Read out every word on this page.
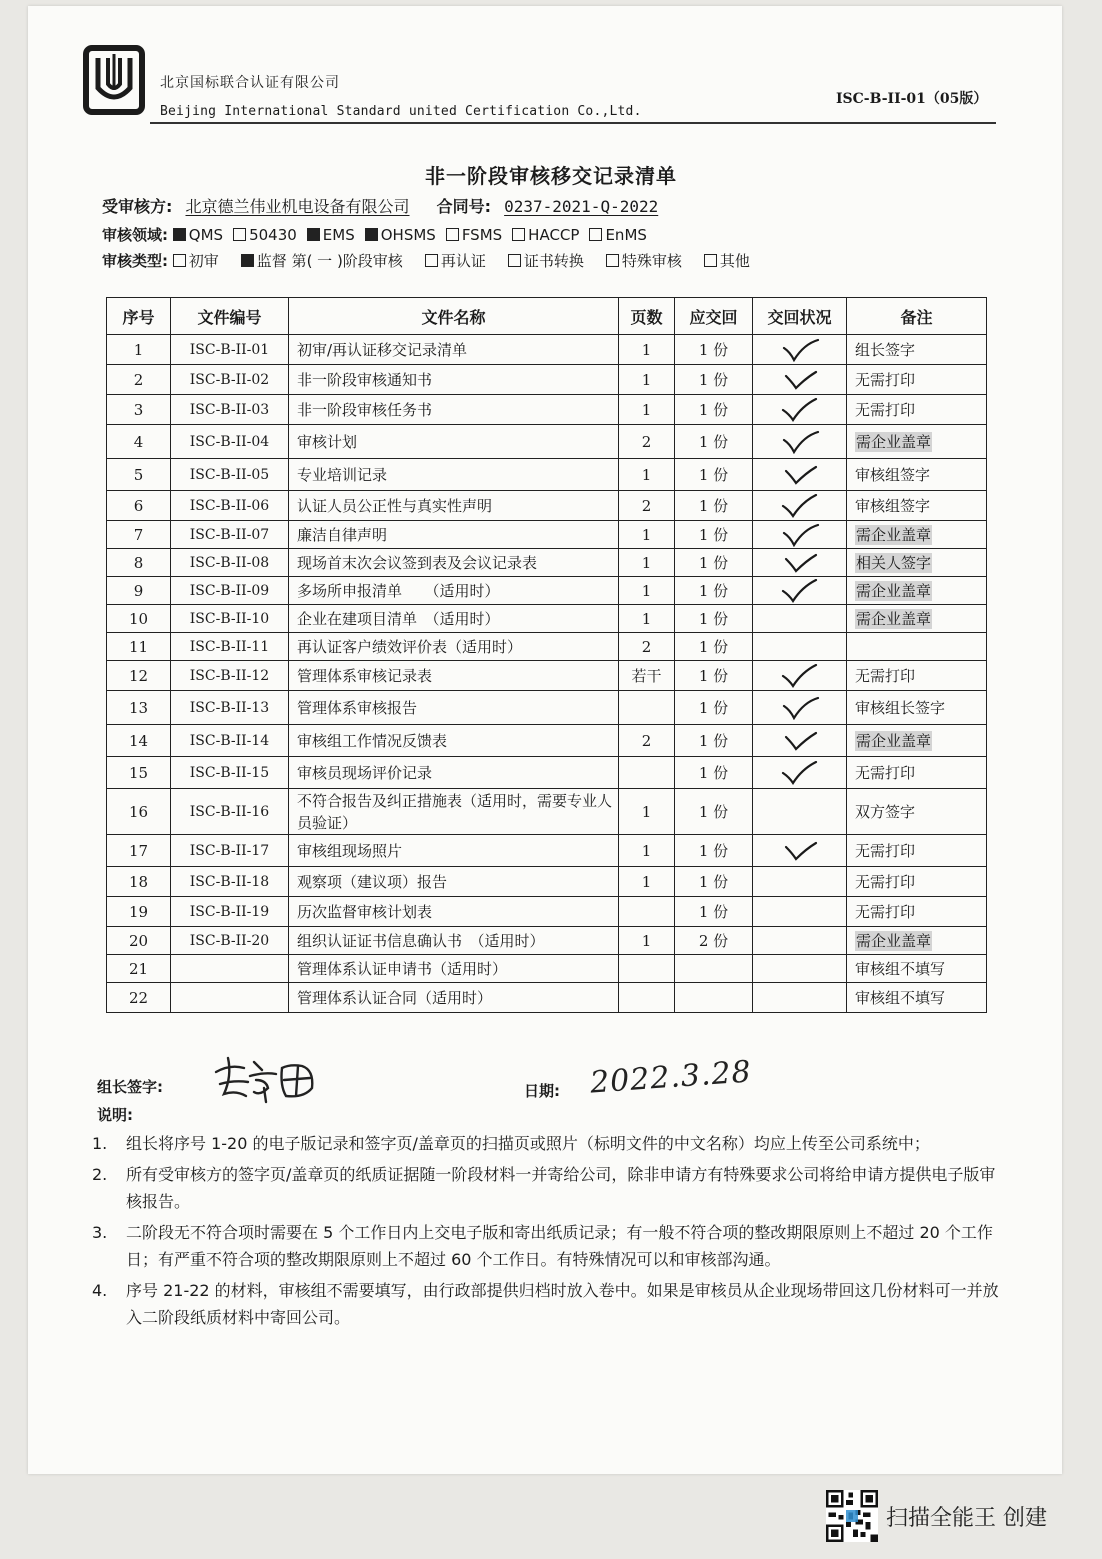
北京国标联合认证有限公司
Beijing International Standard united Certification Co.,Ltd.
ISC-B-II-01（05版）
非一阶段审核移交记录清单
受审核方: 北京德兰伟业机电设备有限公司 合同号: 0237-2021-Q-2022
审核领域: QMS 50430 EMS OHSMS FSMS HACCP EnMS
审核类型: 初审	监督 第( 一 )阶段审核	再认证	证书转换	特殊审核	其他
序号	文件编号	文件名称	页数	应交回	交回状况	备注
1	ISC-B-II-01	初审/再认证移交记录清单	1	1 份		组长签字
2	ISC-B-II-02	非一阶段审核通知书	1	1 份		无需打印
3	ISC-B-II-03	非一阶段审核任务书	1	1 份		无需打印
4	ISC-B-II-04	审核计划	2	1 份		需企业盖章
5	ISC-B-II-05	专业培训记录	1	1 份		审核组签字
6	ISC-B-II-06	认证人员公正性与真实性声明	2	1 份		审核组签字
7	ISC-B-II-07	廉洁自律声明	1	1 份		需企业盖章
8	ISC-B-II-08	现场首末次会议签到表及会议记录表	1	1 份		相关人签字
9	ISC-B-II-09	多场所申报清单　　（适用时）	1	1 份		需企业盖章
10	ISC-B-II-10	企业在建项目清单　（适用时）	1	1 份		需企业盖章
11	ISC-B-II-11	再认证客户绩效评价表（适用时）	2	1 份		
12	ISC-B-II-12	管理体系审核记录表	若干	1 份		无需打印
13	ISC-B-II-13	管理体系审核报告		1 份		审核组长签字
14	ISC-B-II-14	审核组工作情况反馈表	2	1 份		需企业盖章
15	ISC-B-II-15	审核员现场评价记录		1 份		无需打印
16	ISC-B-II-16	不符合报告及纠正措施表（适用时，需要专业人员验证）	1	1 份		双方签字
17	ISC-B-II-17	审核组现场照片	1	1 份		无需打印
18	ISC-B-II-18	观察项（建议项）报告	1	1 份		无需打印
19	ISC-B-II-19	历次监督审核计划表		1 份		无需打印
20	ISC-B-II-20	组织认证证书信息确认书　（适用时）	1	2 份		需企业盖章
21		管理体系认证申请书（适用时）				审核组不填写
22		管理体系认证合同（适用时）				审核组不填写
组长签字:	日期: 2022.3.28
说明:
1.	组长将序号 1-20 的电子版记录和签字页/盖章页的扫描页或照片（标明文件的中文名称）均应上传至公司系统中；
2.	所有受审核方的签字页/盖章页的纸质证据随一阶段材料一并寄给公司，除非申请方有特殊要求公司将给申请方提供电子版审核报告。
3.	二阶段无不符合项时需要在 5 个工作日内上交电子版和寄出纸质记录；有一般不符合项的整改期限原则上不超过 20 个工作日；有严重不符合项的整改期限原则上不超过 60 个工作日。有特殊情况可以和审核部沟通。
4.	序号 21-22 的材料，审核组不需要填写，由行政部提供归档时放入卷中。如果是审核员从企业现场带回这几份材料可一并放入二阶段纸质材料中寄回公司。
扫描全能王 创建
